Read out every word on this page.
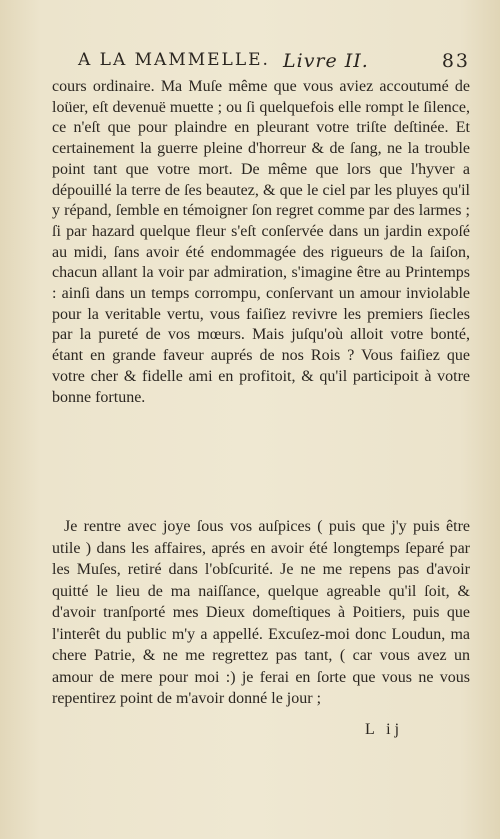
A LA MAMMELLE. Livre II.	83

cours ordinaire. Ma Muſe même que vous aviez accoutumé de loüer, eſt devenuë muette ; ou ſi quelquefois elle rompt le ſilence, ce n'eſt que pour plaindre en pleurant votre triſte deſtinée. Et certainement la guerre pleine d'horreur & de ſang, ne la trouble point tant que votre mort. De même que lors que l'hyver a dépouillé la terre de ſes beautez, & que le ciel par les pluyes qu'il y répand, ſemble en témoigner ſon regret comme par des larmes ; ſi par hazard quelque fleur s'eſt conſervée dans un jardin expoſé au midi, ſans avoir été endommagée des rigueurs de la ſaiſon, chacun allant la voir par admiration, s'imagine être au Printemps : ainſi dans un temps corrompu, conſervant un amour inviolable pour la veritable vertu, vous faiſiez revivre les premiers ſiecles par la pureté de vos mœurs. Mais juſqu'où alloit votre bonté, étant en grande faveur auprés de nos Rois ? Vous faiſiez que votre cher & fidelle ami en profitoit, & qu'il participoit à votre bonne fortune.

Je rentre avec joye ſous vos auſpices ( puis que j'y puis être utile ) dans les affaires, aprés en avoir été longtemps ſeparé par les Muſes, retiré dans l'obſcurité. Je ne me repens pas d'avoir quitté le lieu de ma naiſſance, quelque agreable qu'il ſoit, & d'avoir tranſporté mes Dieux domeſtiques à Poitiers, puis que l'interêt du public m'y a appellé. Excuſez-moi donc Loudun, ma chere Patrie, & ne me regrettez pas tant, ( car vous avez un amour de mere pour moi :) je ferai en ſorte que vous ne vous repentirez point de m'avoir donné le jour ;

L ij
